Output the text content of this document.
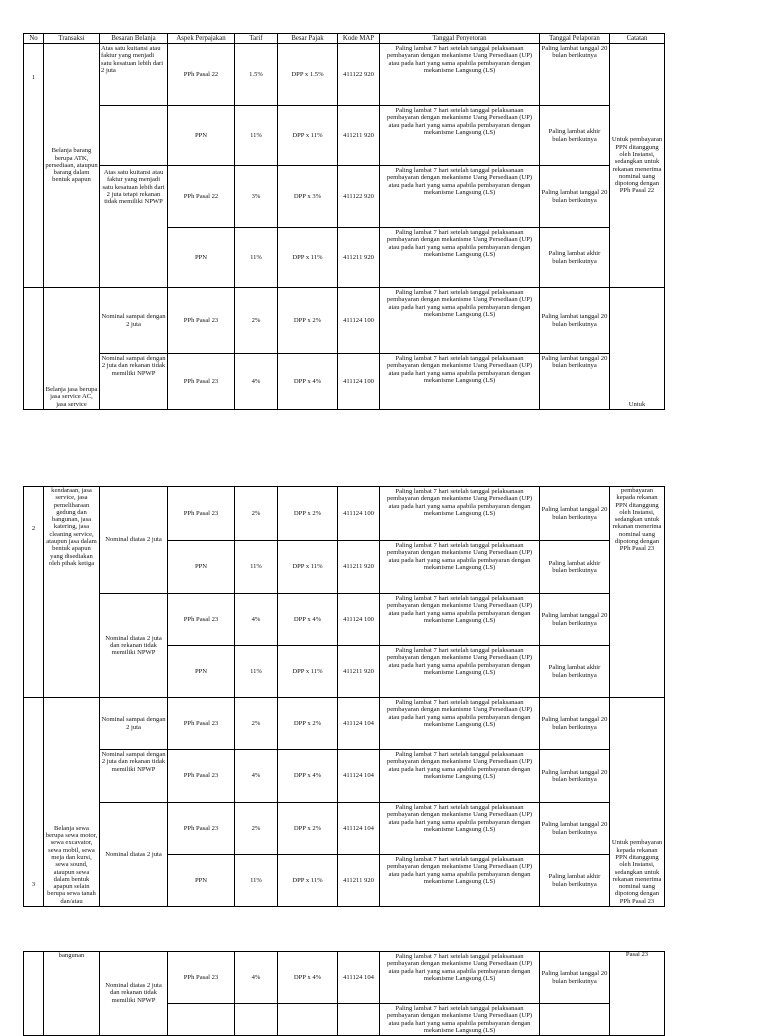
No	Transaksi	Besaran Belanja	Aspek Perpajakan	Tarif	Besar Pajak	Kode MAP	Tanggal Penyetoran	Tanggal Pelaporan	Catatan
1	Belanja barang berupa ATK, persediaan, ataupun barang dalam bentuk apapun	Atas satu kuitansi atau faktur yang menjadi satu kesatuan lebih dari 2 juta	PPh Pasal 22	1.5%	DPP x 1.5%	411122 920	Paling lambat 7 hari setelah tanggal pelaksanaan pembayaran dengan mekanisme Uang Persediaan (UP) atau pada hari yang sama apabila pembayaran dengan mekanisme Langsung (LS)	Paling lambat tanggal 20 bulan berikutnya	Untuk pembayaran PPN ditanggung oleh Instansi, sedangkan untuk rekanan menerima nominal uang dipotong dengan PPh Pasal 22
			PPN	11%	DPP x 11%	411211 920	Paling lambat 7 hari setelah tanggal pelaksanaan pembayaran dengan mekanisme Uang Persediaan (UP) atau pada hari yang sama apabila pembayaran dengan mekanisme Langsung (LS)	Paling lambat akhir bulan berikutnya	
		Atas satu kuitansi atau faktur yang menjadi satu kesatuan lebih dari 2 juta tetapi rekanan tidak memiliki NPWP	PPh Pasal 22	3%	DPP x 3%	411122 920	Paling lambat 7 hari setelah tanggal pelaksanaan pembayaran dengan mekanisme Uang Persediaan (UP) atau pada hari yang sama apabila pembayaran dengan mekanisme Langsung (LS)	Paling lambat tanggal 20 bulan berikutnya	
			PPN	11%	DPP x 11%	411211 920	Paling lambat 7 hari setelah tanggal pelaksanaan pembayaran dengan mekanisme Uang Persediaan (UP) atau pada hari yang sama apabila pembayaran dengan mekanisme Langsung (LS)	Paling lambat akhir bulan berikutnya	
	Belanja jasa berupa jasa service AC, jasa service	Nominal sampai dengan 2 juta	PPh Pasal 23	2%	DPP x 2%	411124 100	Paling lambat 7 hari setelah tanggal pelaksanaan pembayaran dengan mekanisme Uang Persediaan (UP) atau pada hari yang sama apabila pembayaran dengan mekanisme Langsung (LS)	Paling lambat tanggal 20 bulan berikutnya	Untuk
		Nominal sampai dengan 2 juta dan rekanan tidak memiliki NPWP	PPh Pasal 23	4%	DPP x 4%	411124 100	Paling lambat 7 hari setelah tanggal pelaksanaan pembayaran dengan mekanisme Uang Persediaan (UP) atau pada hari yang sama apabila pembayaran dengan mekanisme Langsung (LS)	Paling lambat tanggal 20 bulan berikutnya	
2	kendaraan, jasa service, jasa pemeliharaan gedung dan bangunan, jasa katering, jasa cleaning service, ataupun jasa dalam bentuk apapun yang disediakan oleh pihak ketiga	Nominal diatas 2 juta	PPh Pasal 23	2%	DPP x 2%	411124 100	Paling lambat 7 hari setelah tanggal pelaksanaan pembayaran dengan mekanisme Uang Persediaan (UP) atau pada hari yang sama apabila pembayaran dengan mekanisme Langsung (LS)	Paling lambat tanggal 20 bulan berikutnya	pembayaran kepada rekanan PPN ditanggung oleh Instansi, sedangkan untuk rekanan menerima nominal uang dipotong dengan PPh Pasal 23
			PPN	11%	DPP x 11%	411211 920	Paling lambat 7 hari setelah tanggal pelaksanaan pembayaran dengan mekanisme Uang Persediaan (UP) atau pada hari yang sama apabila pembayaran dengan mekanisme Langsung (LS)	Paling lambat akhir bulan berikutnya	
		Nominal diatas 2 juta dan rekanan tidak memiliki NPWP	PPh Pasal 23	4%	DPP x 4%	411124 100	Paling lambat 7 hari setelah tanggal pelaksanaan pembayaran dengan mekanisme Uang Persediaan (UP) atau pada hari yang sama apabila pembayaran dengan mekanisme Langsung (LS)	Paling lambat tanggal 20 bulan berikutnya	
			PPN	11%	DPP x 11%	411211 920	Paling lambat 7 hari setelah tanggal pelaksanaan pembayaran dengan mekanisme Uang Persediaan (UP) atau pada hari yang sama apabila pembayaran dengan mekanisme Langsung (LS)	Paling lambat akhir bulan berikutnya	
3	Belanja sewa berupa sewa motor, sewa excavator, sewa mobil, sewa meja dan kursi, sewa sound, ataupun sewa dalam bentuk apapun selain berupa sewa tanah dan/atau	Nominal sampai dengan 2 juta	PPh Pasal 23	2%	DPP x 2%	411124 104	Paling lambat 7 hari setelah tanggal pelaksanaan pembayaran dengan mekanisme Uang Persediaan (UP) atau pada hari yang sama apabila pembayaran dengan mekanisme Langsung (LS)	Paling lambat tanggal 20 bulan berikutnya	Untuk pembayaran kepada rekanan PPN ditanggung oleh Instansi, sedangkan untuk rekanan menerima nominal uang dipotong dengan PPh Pasal 23
		Nominal sampai dengan 2 juta dan rekanan tidak memiliki NPWP	PPh Pasal 23	4%	DPP x 4%	411124 104	Paling lambat 7 hari setelah tanggal pelaksanaan pembayaran dengan mekanisme Uang Persediaan (UP) atau pada hari yang sama apabila pembayaran dengan mekanisme Langsung (LS)	Paling lambat tanggal 20 bulan berikutnya	
		Nominal diatas 2 juta	PPh Pasal 23	2%	DPP x 2%	411124 104	Paling lambat 7 hari setelah tanggal pelaksanaan pembayaran dengan mekanisme Uang Persediaan (UP) atau pada hari yang sama apabila pembayaran dengan mekanisme Langsung (LS)	Paling lambat tanggal 20 bulan berikutnya	
			PPN	11%	DPP x 11%	411211 920	Paling lambat 7 hari setelah tanggal pelaksanaan pembayaran dengan mekanisme Uang Persediaan (UP) atau pada hari yang sama apabila pembayaran dengan mekanisme Langsung (LS)	Paling lambat akhir bulan berikutnya	
	bangunan	Nominal diatas 2 juta dan rekanan tidak memiliki NPWP	PPh Pasal 23	4%	DPP x 4%	411124 104	Paling lambat 7 hari setelah tanggal pelaksanaan pembayaran dengan mekanisme Uang Persediaan (UP) atau pada hari yang sama apabila pembayaran dengan mekanisme Langsung (LS)	Paling lambat tanggal 20 bulan berikutnya	Pasal 23
							Paling lambat 7 hari setelah tanggal pelaksanaan pembayaran dengan mekanisme Uang Persediaan (UP) atau pada hari yang sama apabila pembayaran dengan mekanisme Langsung (LS)		
